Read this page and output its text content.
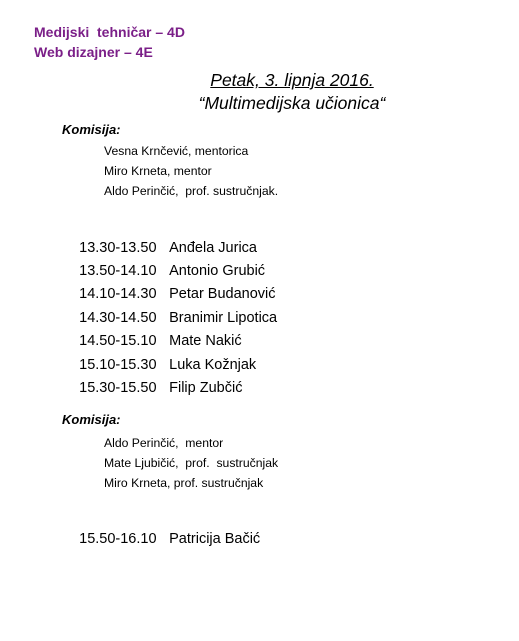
Medijski  tehničar – 4D
Web dizajner – 4E
Petak, 3. lipnja 2016.
“Multimedijska učionica“
Komisija:
Vesna Krnčević, mentorica
Miro Krneta, mentor
Aldo Perinčić,  prof. sustručnjak.

13.30-13.50 Anđela Jurica

13.50-14.10 Antonio Grubić

14.10-14.30 Petar Budanović

14.30-14.50 Branimir Lipotica

14.50-15.10 Mate Nakić

15.10-15.30 Luka Kožnjak

15.30-15.50 Filip Zubčić

Komisija:
Aldo Perinčić,  mentor
Mate Ljubičić,  prof.  sustručnjak
Miro Krneta, prof. sustručnjak

15.50-16.10 Patricija Bačić
